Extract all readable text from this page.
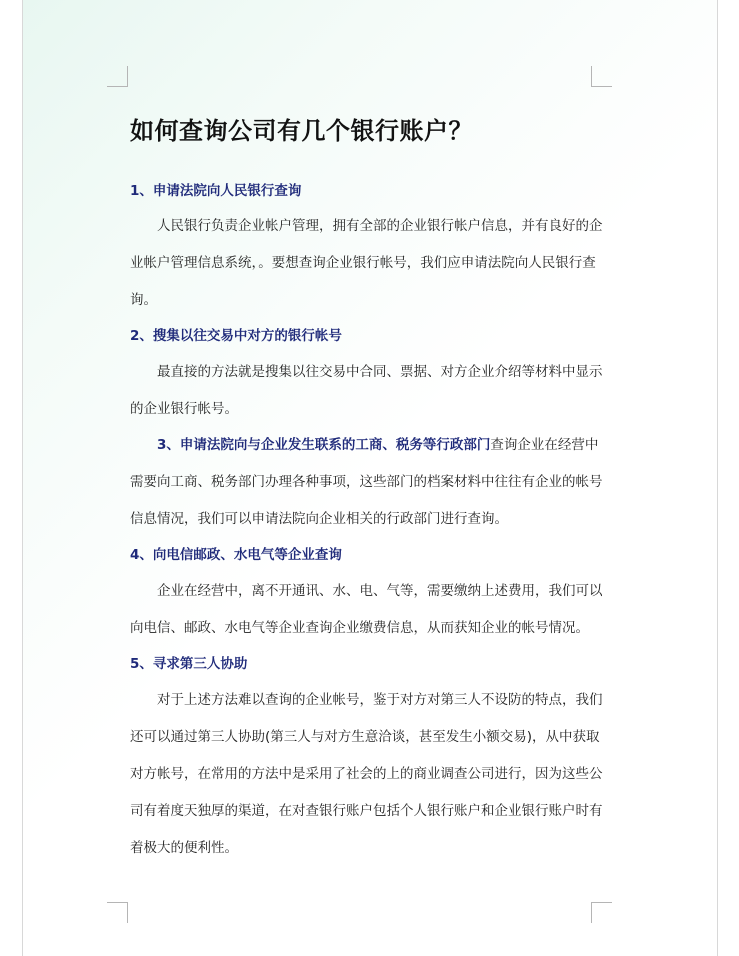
如何查询公司有几个银行账户？
1、申请法院向人民银行查询
人民银行负责企业帐户管理，拥有全部的企业银行帐户信息，并有良好的企
业帐户管理信息系统，。要想查询企业银行帐号，我们应申请法院向人民银行查
询。
2、搜集以往交易中对方的银行帐号
最直接的方法就是搜集以往交易中合同、票据、对方企业介绍等材料中显示
的企业银行帐号。
3、申请法院向与企业发生联系的工商、税务等行政部门查询企业在经营中
需要向工商、税务部门办理各种事项，这些部门的档案材料中往往有企业的帐号
信息情况，我们可以申请法院向企业相关的行政部门进行查询。
4、向电信邮政、水电气等企业查询
企业在经营中，离不开通讯、水、电、气等，需要缴纳上述费用，我们可以
向电信、邮政、水电气等企业查询企业缴费信息，从而获知企业的帐号情况。
5、寻求第三人协助
对于上述方法难以查询的企业帐号，鉴于对方对第三人不设防的特点，我们
还可以通过第三人协助(第三人与对方生意洽谈，甚至发生小额交易)，从中获取
对方帐号，在常用的方法中是采用了社会的上的商业调查公司进行，因为这些公
司有着度天独厚的渠道，在对查银行账户包括个人银行账户和企业银行账户时有
着极大的便利性。
